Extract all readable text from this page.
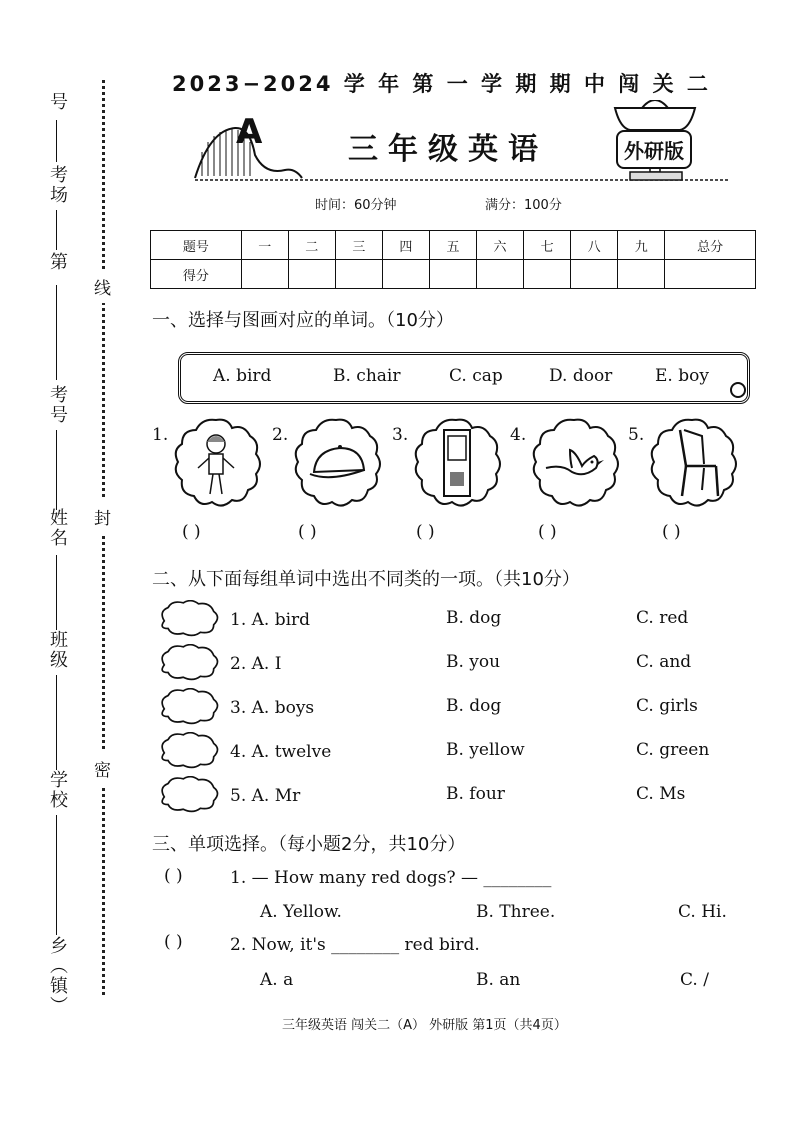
号
考场
第
考号
姓名
班级
学校
乡（镇）
线
封
密
2023−2024 学 年 第 一 学 期 期 中 闯 关 二
A	三年级英语	外研版
时间：60分钟	满分：100分
题号	一	二	三	四	五	六	七	八	九	总分
得分										
一、选择与图画对应的单词。（10分）
A. bird	B. chair	C. cap	D. door	E. boy
1.
( )
2.
( )
3.
( )
4.
( )
5.
( )
二、从下面每组单词中选出不同类的一项。（共10分）
1. A. bird	B. dog	C. red
2. A. I	B. you	C. and
3. A. boys	B. dog	C. girls
4. A. twelve	B. yellow	C. green
5. A. Mr	B. four	C. Ms
三、单项选择。（每小题2分，共10分）
( )	1. — How many red dogs? — ________
A. Yellow.	B. Three.	C. Hi.
( )	2. Now, it's ________ red bird.
A. a	B. an	C. /
三年级英语 闯关二（A） 外研版 第1页（共4页）
